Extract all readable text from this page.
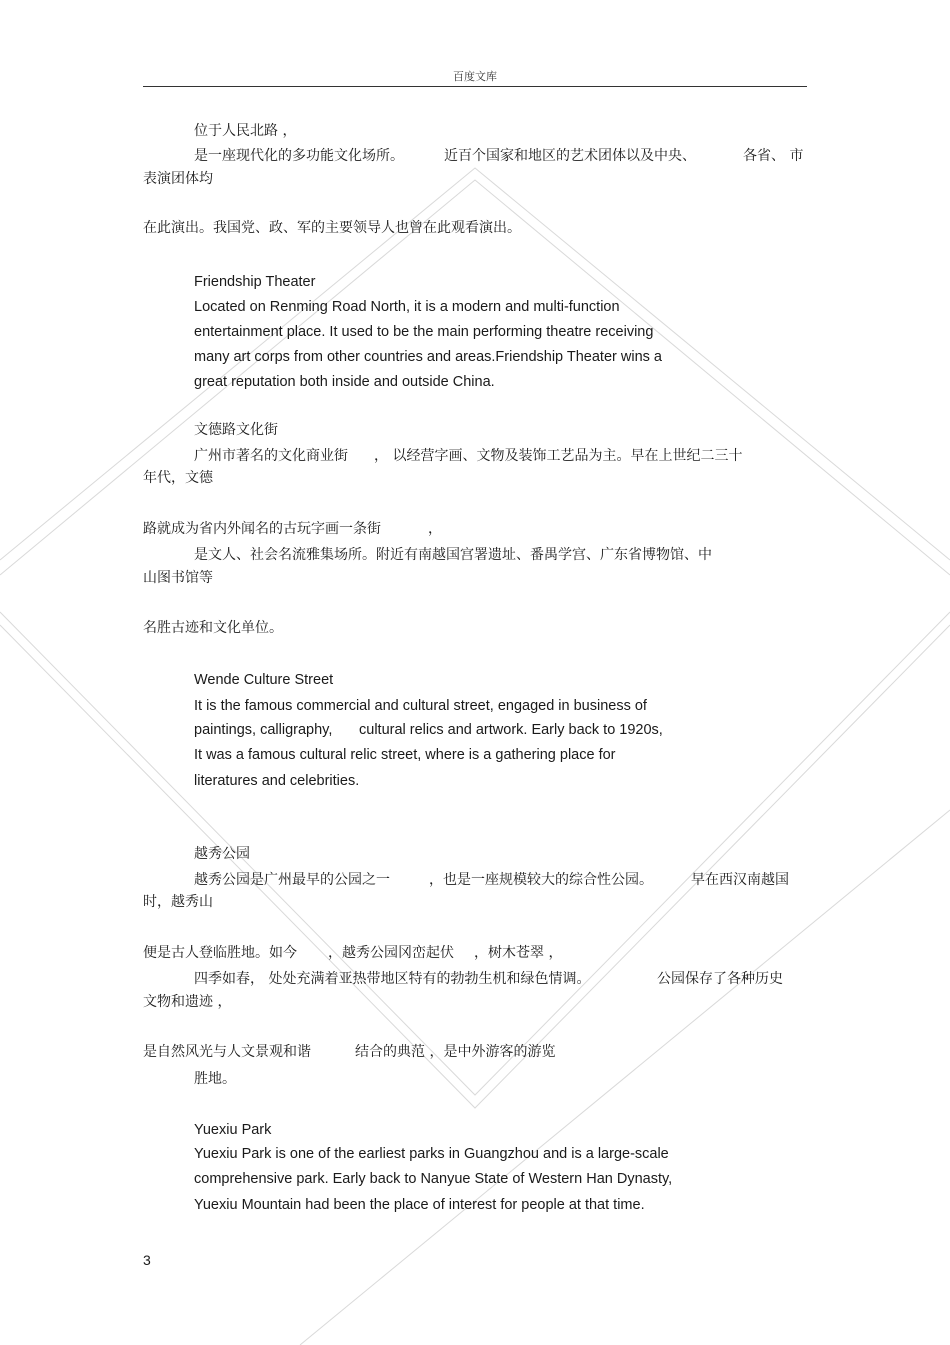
百度文库
位于人民北路 ，
是一座现代化的多功能文化场所。	近百个国家和地区的艺术团体以及中央、	各省、 市
表演团体均
在此演出。我国党、政、军的主要领导人也曾在此观看演出。
Friendship Theater
Located on Renming Road North, it is a modern and multi-function
entertainment place. It used to be the main performing theatre receiving
many art corps from other countries and areas.Friendship Theater wins a
great reputation both inside and outside China.
文德路文化街
广州市著名的文化商业街 ， 以经营字画、文物及装饰工艺品为主。早在上世纪二三十
年代，文德
路就成为省内外闻名的古玩字画一条街	，
是文人、社会名流雅集场所。附近有南越国宫署遗址、番禺学宫、广东省博物馆、中
山图书馆等
名胜古迹和文化单位。
Wende Culture Street
It is the famous commercial and cultural street, engaged in business of
paintings, calligraphy, cultural relics and artwork. Early back to 1920s,
It was a famous cultural relic street, where is a gathering place for
literatures and celebrities.
越秀公园
越秀公园是广州最早的公园之一	，也是一座规模较大的综合性公园。	早在西汉南越国
时，越秀山
便是古人登临胜地。如今 ，越秀公园冈峦起伏 ，树木苍翠 ，
四季如春， 处处充满着亚热带地区特有的勃勃生机和绿色情调。	公园保存了各种历史
文物和遗迹 ，
是自然风光与人文景观和谐	结合的典范 ，是中外游客的游览
胜地。
Yuexiu Park
Yuexiu Park is one of the earliest parks in Guangzhou and is a large-scale
comprehensive park. Early back to Nanyue State of Western Han Dynasty,
Yuexiu Mountain had been the place of interest for people at that time.
3
